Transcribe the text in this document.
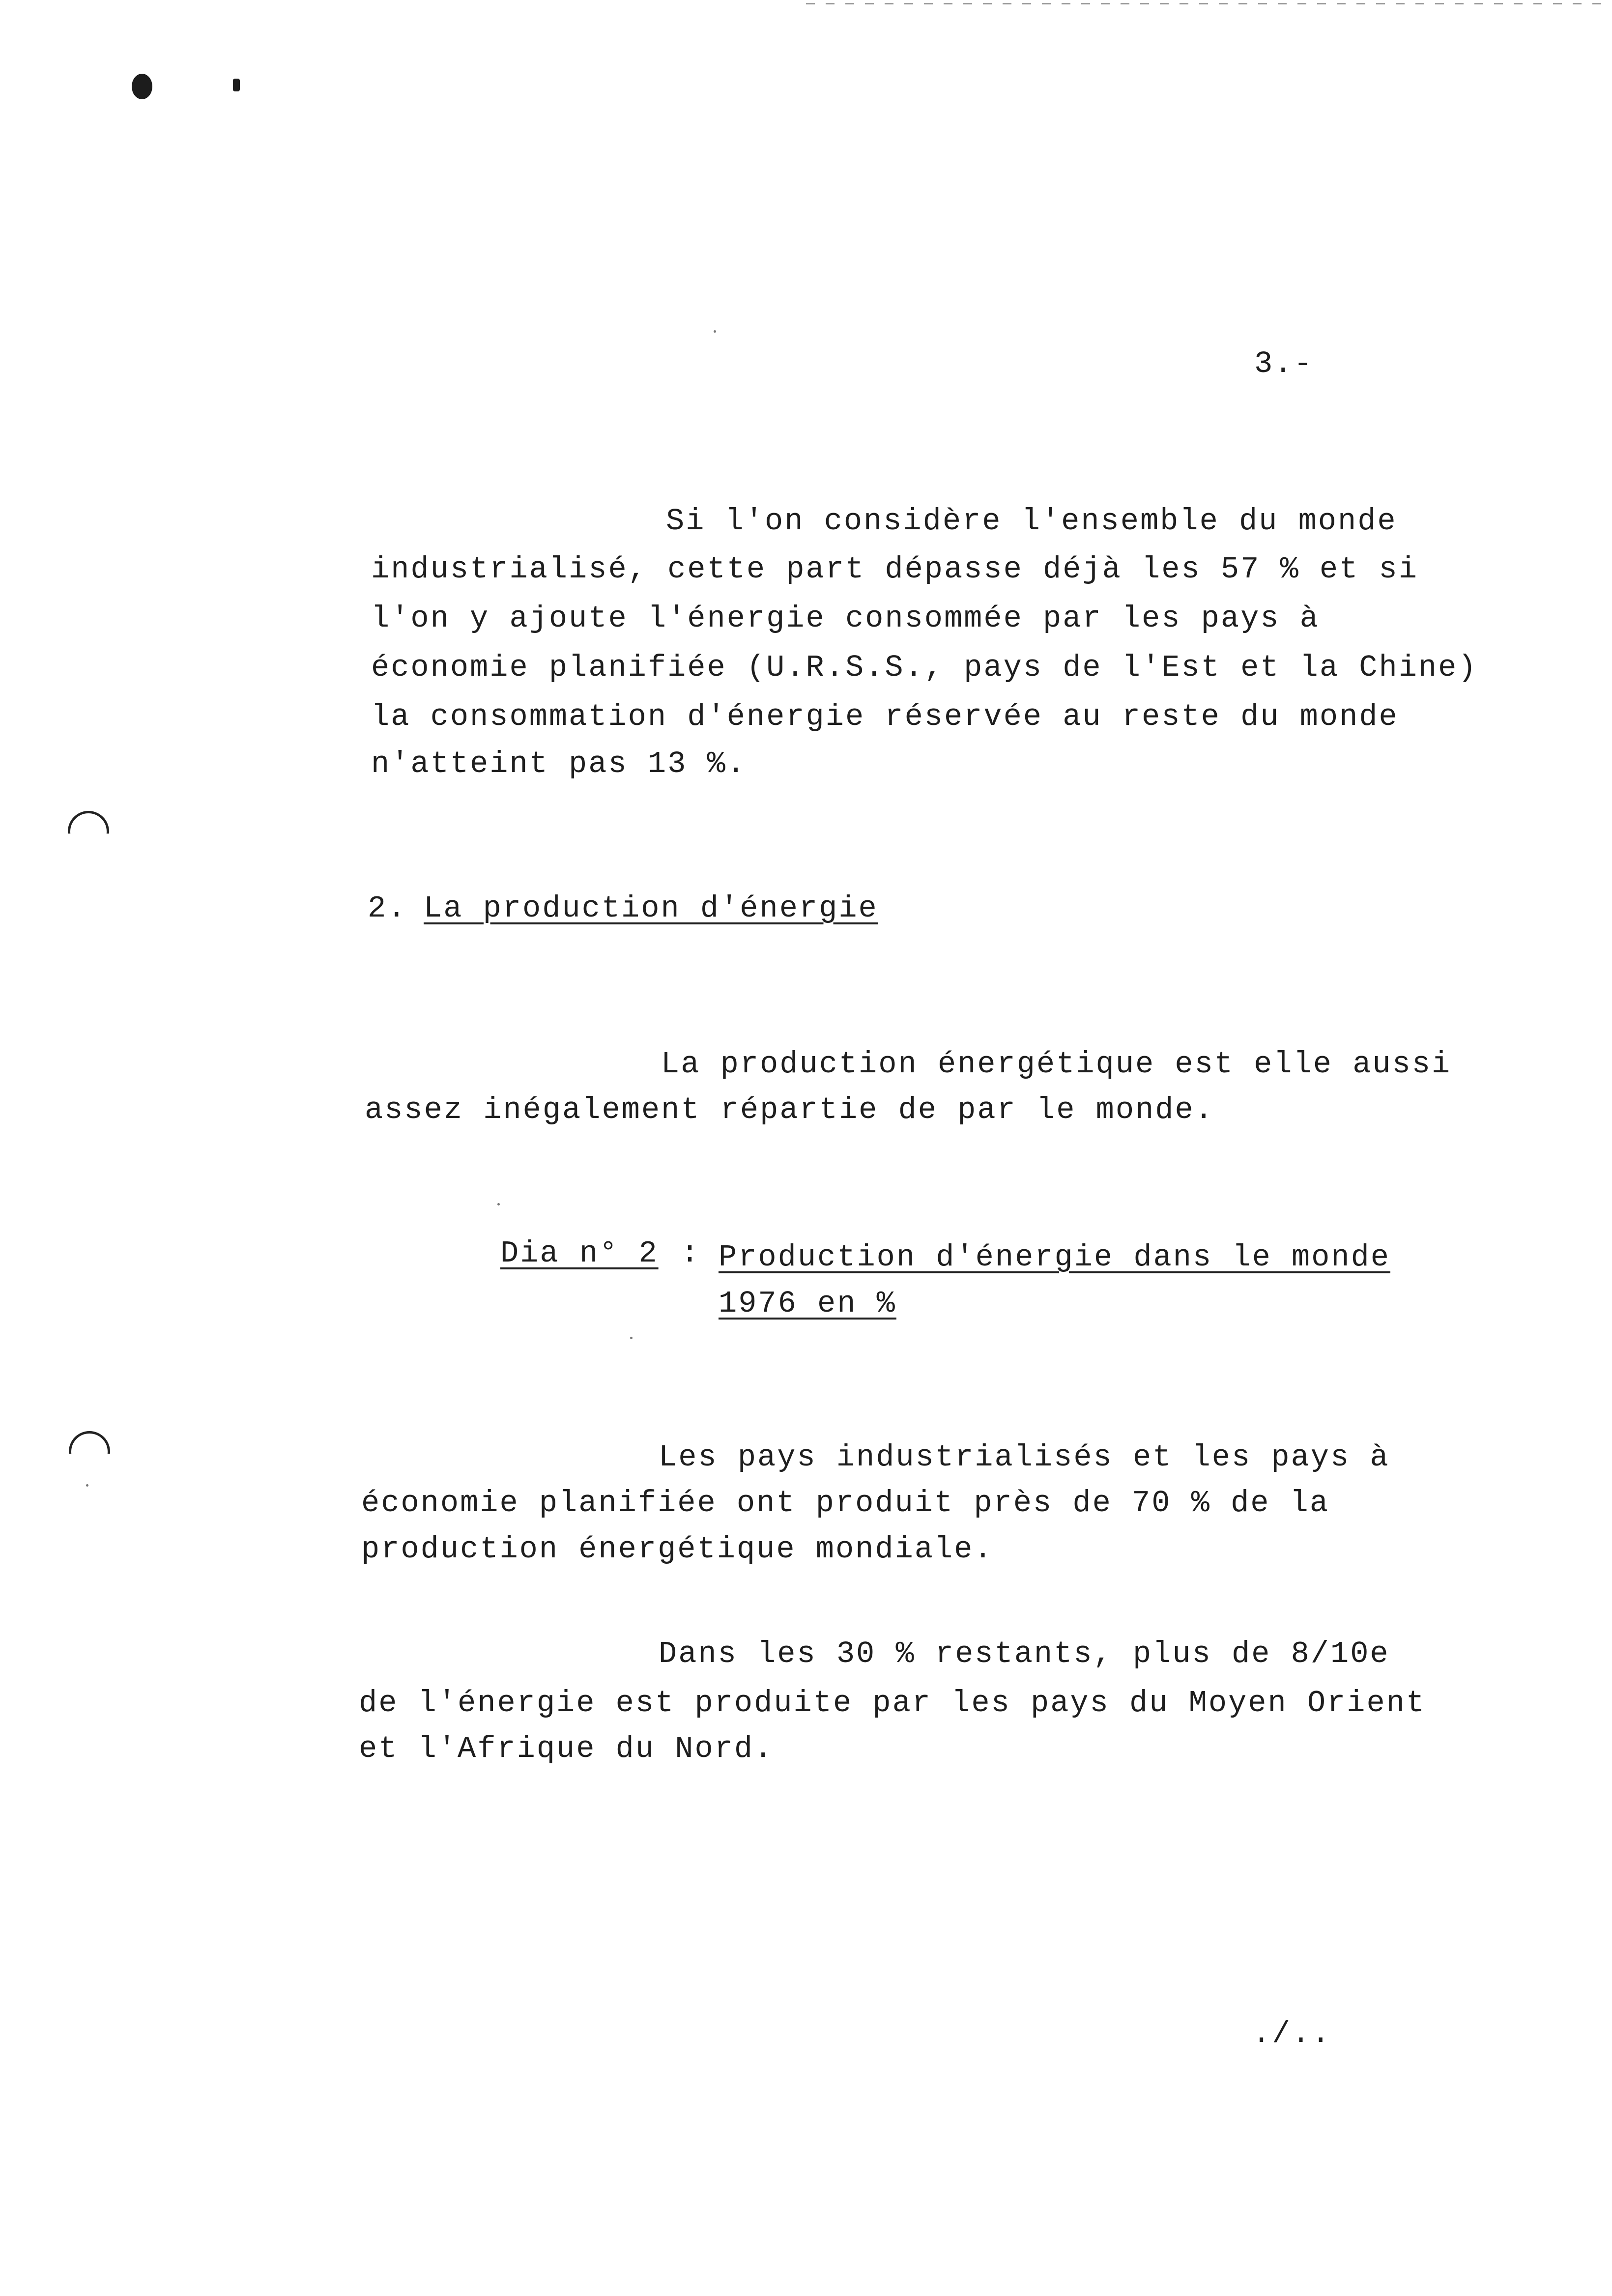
3.-
Si l'on considère l'ensemble du monde
industrialisé, cette part dépasse déjà les 57 % et si
l'on y ajoute l'énergie consommée par les pays à
économie planifiée (U.R.S.S., pays de l'Est et la Chine)
la consommation d'énergie réservée au reste du monde
n'atteint pas 13 %.
2. La production d'énergie
La production énergétique est elle aussi
assez inégalement répartie de par le monde.
Dia n° 2 : Production d'énergie dans le monde
1976 en %
Les pays industrialisés et les pays à
économie planifiée ont produit près de 70 % de la
production énergétique mondiale.
Dans les 30 % restants, plus de 8/10e
de l'énergie est produite par les pays du Moyen Orient
et l'Afrique du Nord.
./..
